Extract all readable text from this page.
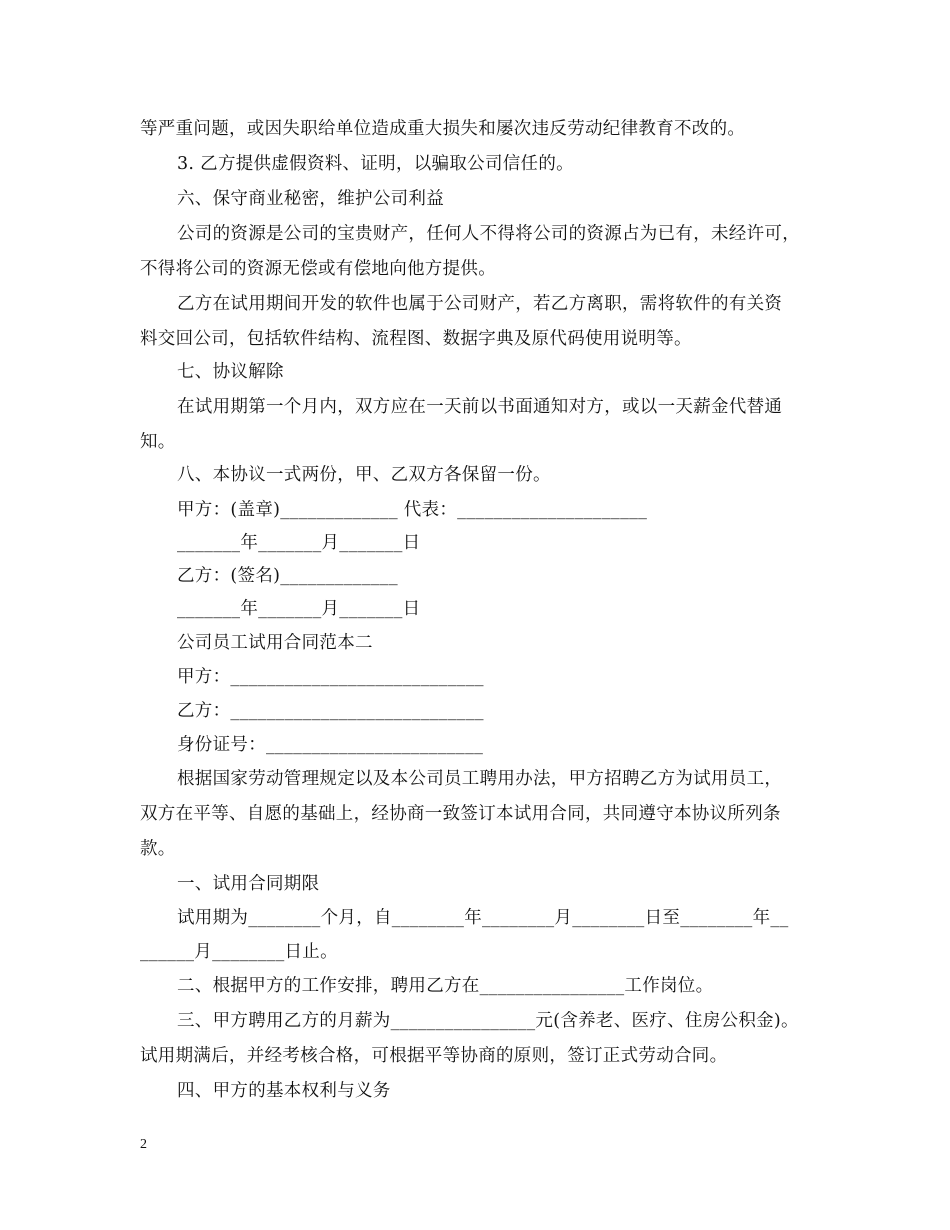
等严重问题，或因失职给单位造成重大损失和屡次违反劳动纪律教育不改的。
3. 乙方提供虚假资料、证明，以骗取公司信任的。
六、保守商业秘密，维护公司利益
公司的资源是公司的宝贵财产，任何人不得将公司的资源占为已有，未经许可，
不得将公司的资源无偿或有偿地向他方提供。
乙方在试用期间开发的软件也属于公司财产，若乙方离职，需将软件的有关资
料交回公司，包括软件结构、流程图、数据字典及原代码使用说明等。
七、协议解除
在试用期第一个月内，双方应在一天前以书面通知对方，或以一天薪金代替通
知。
八、本协议一式两份，甲、乙双方各保留一份。
甲方：(盖章)_____________ 代表：_____________________
_______年_______月_______日
乙方：(签名)_____________
_______年_______月_______日
公司员工试用合同范本二
甲方：____________________________
乙方：____________________________
身份证号：________________________
根据国家劳动管理规定以及本公司员工聘用办法，甲方招聘乙方为试用员工，
双方在平等、自愿的基础上，经协商一致签订本试用合同，共同遵守本协议所列条
款。
一、试用合同期限
试用期为________个月，自________年________月________日至________年__
______月________日止。
二、根据甲方的工作安排，聘用乙方在________________工作岗位。
三、甲方聘用乙方的月薪为________________元(含养老、医疗、住房公积金)。
试用期满后，并经考核合格，可根据平等协商的原则，签订正式劳动合同。
四、甲方的基本权利与义务
2
